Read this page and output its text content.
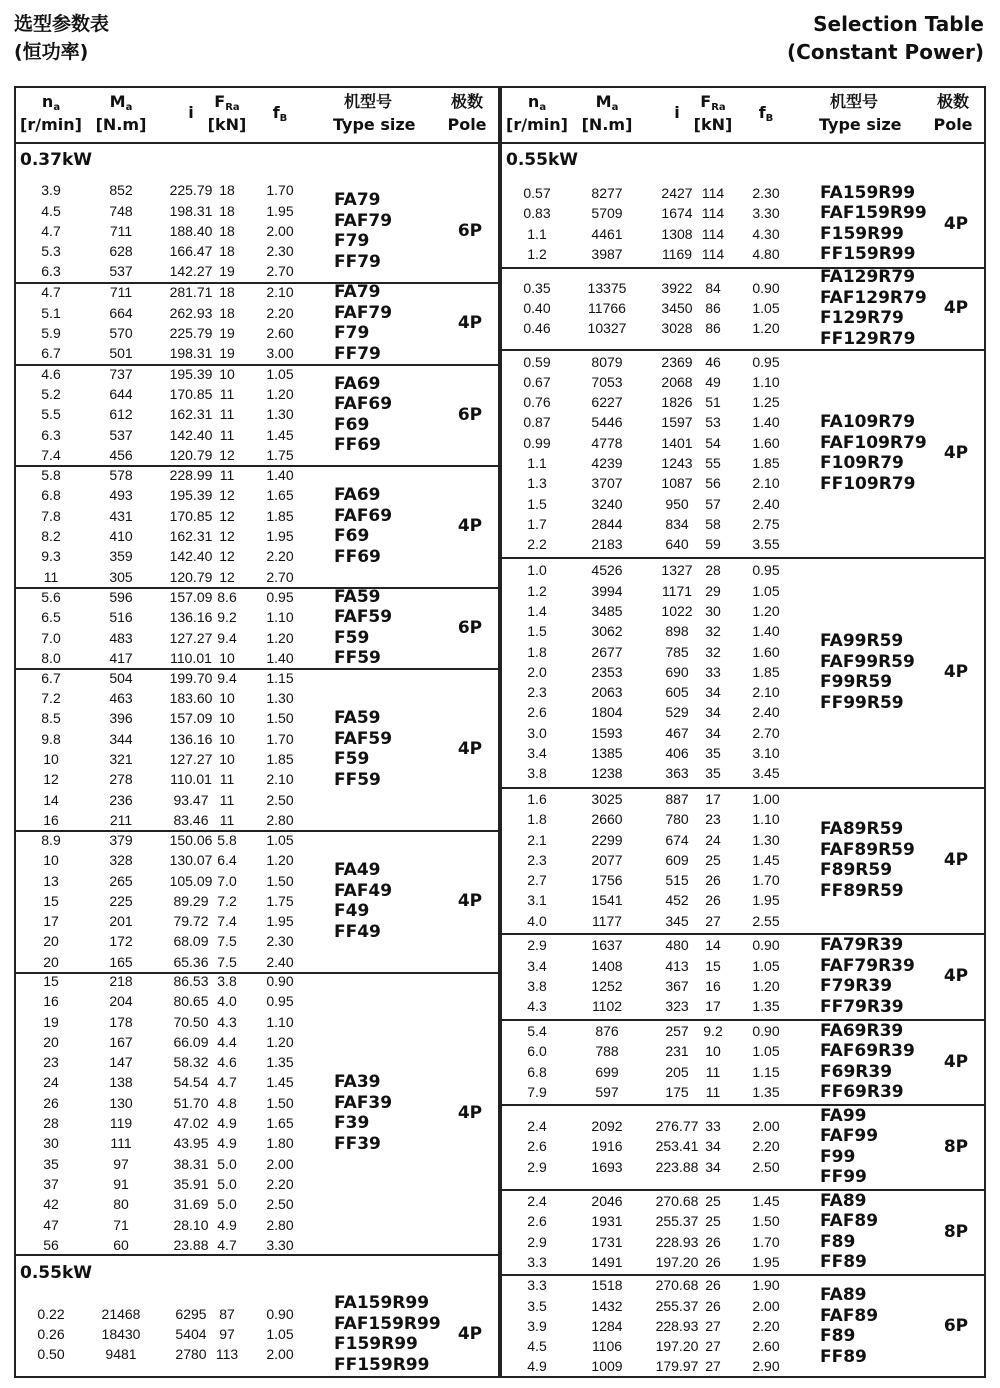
选型参数表
(恒功率)
Selection Table
(Constant Power)
$n_a$
[r/min]
$M_a$
[N.m]
i
$F_{Ra}$
[kN]
$f_B$
机型号
Type size
极数
Pole
0.37kW
3.9	852	225.79 18	1.70
4.5	748	198.31 18	1.95
4.7	711	188.40 18	2.00
5.3	628	166.47 18	2.30
6.3	537	142.27 19	2.70
FA79
FAF79
F79
FF79
6P
4.7	711	281.71 18	2.10
5.1	664	262.93 18	2.20
5.9	570	225.79 19	2.60
6.7	501	198.31 19	3.00
FA79
FAF79
F79
FF79
4P
4.6	737	195.39 10	1.05
5.2	644	170.85 11	1.20
5.5	612	162.31 11	1.30
6.3	537	142.40 11	1.45
7.4	456	120.79 12	1.75
FA69
FAF69
F69
FF69
6P
5.8	578	228.99 11	1.40
6.8	493	195.39 12	1.65
7.8	431	170.85 12	1.85
8.2	410	162.31 12	1.95
9.3	359	142.40 12	2.20
11	305	120.79 12	2.70
FA69
FAF69
F69
FF69
4P
5.6	596	157.09 8.6	0.95
6.5	516	136.16 9.2	1.10
7.0	483	127.27 9.4	1.20
8.0	417	110.01 10	1.40
FA59
FAF59
F59
FF59
6P
6.7	504	199.70 9.4	1.15
7.2	463	183.60 10	1.30
8.5	396	157.09 10	1.50
9.8	344	136.16 10	1.70
10	321	127.27 10	1.85
12	278	110.01 11	2.10
14	236	93.47 11	2.50
16	211	83.46 11	2.80
FA59
FAF59
F59
FF59
4P
8.9	379	150.06 5.8	1.05
10	328	130.07 6.4	1.20
13	265	105.09 7.0	1.50
15	225	89.29 7.2	1.75
17	201	79.72 7.4	1.95
20	172	68.09 7.5	2.30
20	165	65.36 7.5	2.40
FA49
FAF49
F49
FF49
4P
15	218	86.53 3.8	0.90
16	204	80.65 4.0	0.95
19	178	70.50 4.3	1.10
20	167	66.09 4.4	1.20
23	147	58.32 4.6	1.35
24	138	54.54 4.7	1.45
26	130	51.70 4.8	1.50
28	119	47.02 4.9	1.65
30	111	43.95 4.9	1.80
35	97	38.31 5.0	2.00
37	91	35.91 5.0	2.20
42	80	31.69 5.0	2.50
47	71	28.10 4.9	2.80
56	60	23.88 4.7	3.30
FA39
FAF39
F39
FF39
4P
0.55kW
0.22	21468	6295 87	0.90
0.26	18430	5404 97	1.05
0.50	9481	2780 113	2.00
FA159R99
FAF159R99
F159R99
FF159R99
4P
$n_a$
[r/min]
$M_a$
[N.m]
i
$F_{Ra}$
[kN]
$f_B$
机型号
Type size
极数
Pole
0.55kW
0.57	8277	2427 114	2.30
0.83	5709	1674 114	3.30
1.1	4461	1308 114	4.30
1.2	3987	1169 114	4.80
FA159R99
FAF159R99
F159R99
FF159R99
4P
0.35	13375	3922 84	0.90
0.40	11766	3450 86	1.05
0.46	10327	3028 86	1.20
FA129R79
FAF129R79
F129R79
FF129R79
4P
0.59	8079	2369 46	0.95
0.67	7053	2068 49	1.10
0.76	6227	1826 51	1.25
0.87	5446	1597 53	1.40
0.99	4778	1401 54	1.60
1.1	4239	1243 55	1.85
1.3	3707	1087 56	2.10
1.5	3240	950	57	2.40
1.7	2844	834	58	2.75
2.2	2183	640	59	3.55
FA109R79
FAF109R79
F109R79
FF109R79
4P
1.0	4526	1327 28	0.95
1.2	3994	1171 29	1.05
1.4	3485	1022 30	1.20
1.5	3062	898	32	1.40
1.8	2677	785	32	1.60
2.0	2353	690	33	1.85
2.3	2063	605	34	2.10
2.6	1804	529	34	2.40
3.0	1593	467	34	2.70
3.4	1385	406	35	3.10
3.8	1238	363	35	3.45
FA99R59
FAF99R59
F99R59
FF99R59
4P
1.6	3025	887	17	1.00
1.8	2660	780	23	1.10
2.1	2299	674	24	1.30
2.3	2077	609	25	1.45
2.7	1756	515	26	1.70
3.1	1541	452	26	1.95
4.0	1177	345	27	2.55
FA89R59
FAF89R59
F89R59
FF89R59
4P
2.9	1637	480	14	0.90
3.4	1408	413	15	1.05
3.8	1252	367	16	1.20
4.3	1102	323	17	1.35
FA79R39
FAF79R39
F79R39
FF79R39
4P
5.4	876	257	9.2	0.90
6.0	788	231	10	1.05
6.8	699	205	11	1.15
7.9	597	175	11	1.35
FA69R39
FAF69R39
F69R39
FF69R39
4P
2.4	2092	276.77 33	2.00
2.6	1916	253.41 34	2.20
2.9	1693	223.88 34	2.50
FA99
FAF99
F99
FF99
8P
2.4	2046	270.68 25	1.45
2.6	1931	255.37 25	1.50
2.9	1731	228.93 26	1.70
3.3	1491	197.20 26	1.95
FA89
FAF89
F89
FF89
8P
3.3	1518	270.68 26	1.90
3.5	1432	255.37 26	2.00
3.9	1284	228.93 27	2.20
4.5	1106	197.20 27	2.60
4.9	1009	179.97 27	2.90
FA89
FAF89
F89
FF89
6P
